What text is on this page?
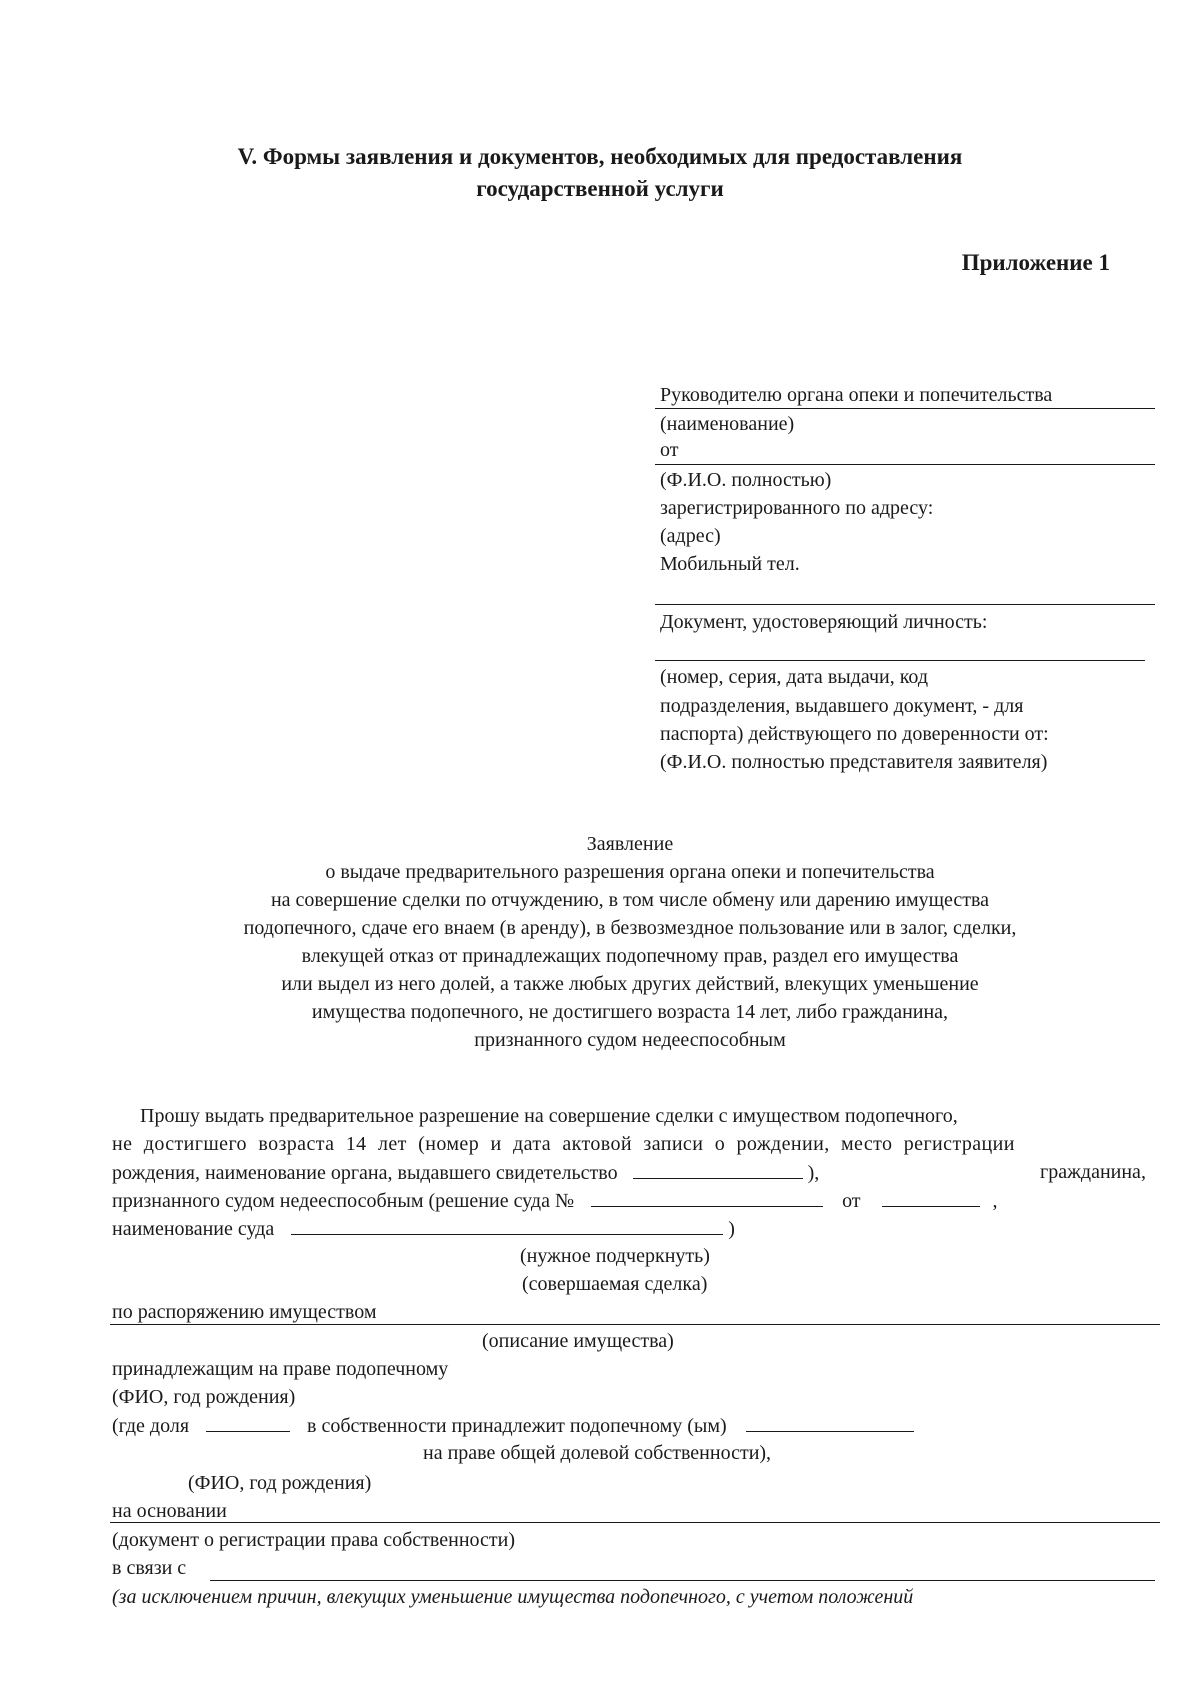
V. Формы заявления и документов, необходимых для предоставления
государственной услуги
Приложение 1
Руководителю органа опеки и попечительства
(наименование)
от
(Ф.И.О. полностью)
зарегистрированного по адресу:
(адрес)
Мобильный тел.
Документ, удостоверяющий личность:
(номер, серия, дата выдачи, код
подразделения, выдавшего документ, - для
паспорта) действующего по доверенности от:
(Ф.И.О. полностью представителя заявителя)
Заявление
о выдаче предварительного разрешения органа опеки и попечительства
на совершение сделки по отчуждению, в том числе обмену или дарению имущества
подопечного, сдаче его внаем (в аренду), в безвозмездное пользование или в залог, сделки,
влекущей отказ от принадлежащих подопечному прав, раздел его имущества
или выдел из него долей, а также любых других действий, влекущих уменьшение
имущества подопечного, не достигшего возраста 14 лет, либо гражданина,
признанного судом недееспособным
Прошу выдать предварительное разрешение на совершение сделки с имуществом подопечного,
не достигшего возраста 14 лет (номер и дата актовой записи о рождении, место регистрации
рождения, наименование органа, выдавшего свидетельство	),	гражданина,
признанного судом недееспособным (решение суда №	от	,
наименование суда	)
(нужное подчеркнуть)
(совершаемая сделка)
по распоряжению имуществом
(описание имущества)
принадлежащим на праве подопечному
(ФИО, год рождения)
(где доля	в собственности принадлежит подопечному (ым)
на праве общей долевой собственности),
(ФИО, год рождения)
на основании
(документ о регистрации права собственности)
в связи с
(за исключением причин, влекущих уменьшение имущества подопечного, с учетом положений
